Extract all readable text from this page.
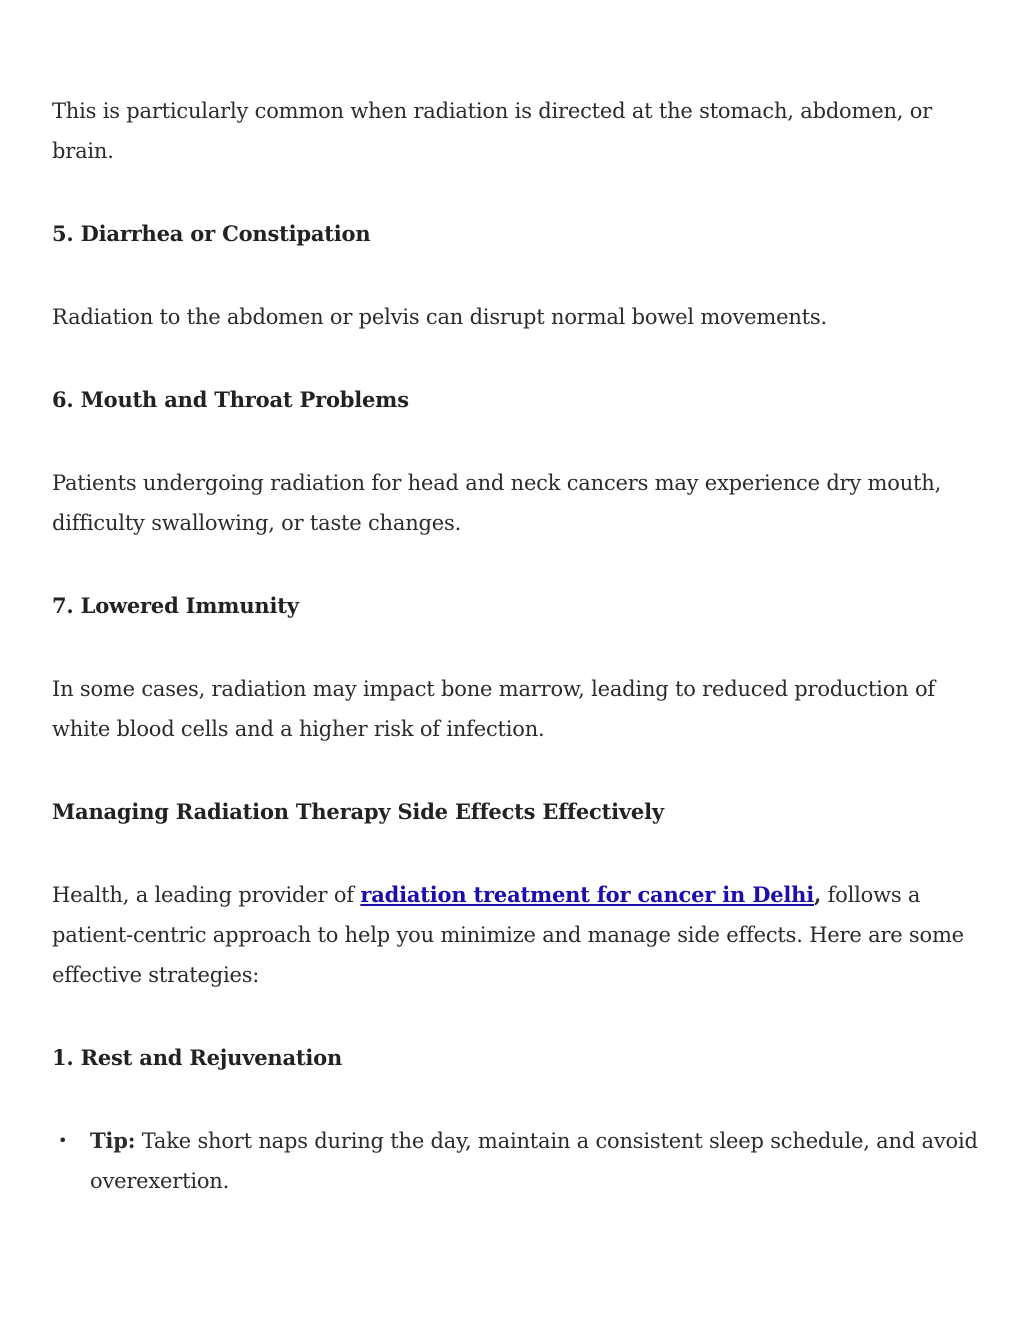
This is particularly common when radiation is directed at the stomach, abdomen, or brain.

5. Diarrhea or Constipation

Radiation to the abdomen or pelvis can disrupt normal bowel movements.

6. Mouth and Throat Problems

Patients undergoing radiation for head and neck cancers may experience dry mouth, difficulty swallowing, or taste changes.

7. Lowered Immunity

In some cases, radiation may impact bone marrow, leading to reduced production of white blood cells and a higher risk of infection.

Managing Radiation Therapy Side Effects Effectively

Health, a leading provider of radiation treatment for cancer in Delhi, follows a patient-centric approach to help you minimize and manage side effects. Here are some effective strategies:

1. Rest and Rejuvenation
• Tip: Take short naps during the day, maintain a consistent sleep schedule, and avoid overexertion.
